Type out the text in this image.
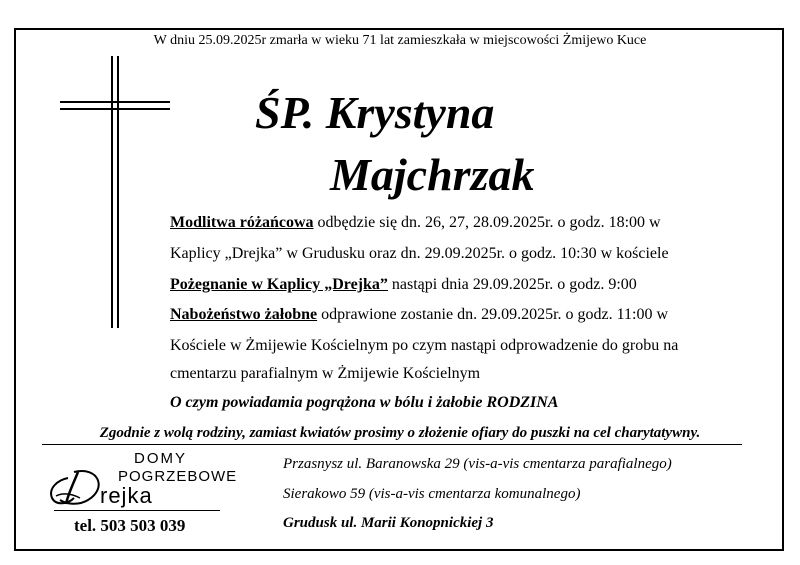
W dniu 25.09.2025r zmarła w wieku 71 lat zamieszkała w miejscowości Żmijewo Kuce
ŚP. Krystyna
Majchrzak
Modlitwa różańcowa odbędzie się dn. 26, 27, 28.09.2025r. o godz. 18:00 w
Kaplicy „Drejka” w Grudusku oraz dn. 29.09.2025r. o godz. 10:30 w kościele
Pożegnanie w Kaplicy „Drejka” nastąpi dnia 29.09.2025r. o godz. 9:00
Nabożeństwo żałobne odprawione zostanie dn. 29.09.2025r. o godz. 11:00 w
Kościele w Żmijewie Kościelnym po czym nastąpi odprowadzenie do grobu na
cmentarzu parafialnym w Żmijewie Kościelnym
O czym powiadamia pogrążona w bólu i żałobie RODZINA
Zgodnie z wolą rodziny, zamiast kwiatów prosimy o złożenie ofiary do puszki na cel charytatywny.
DOMY
POGRZEBOWE
rejka
tel. 503 503 039
Przasnysz ul. Baranowska 29 (vis-a-vis cmentarza parafialnego)
Sierakowo 59 (vis-a-vis cmentarza komunalnego)
Grudusk ul. Marii Konopnickiej 3
